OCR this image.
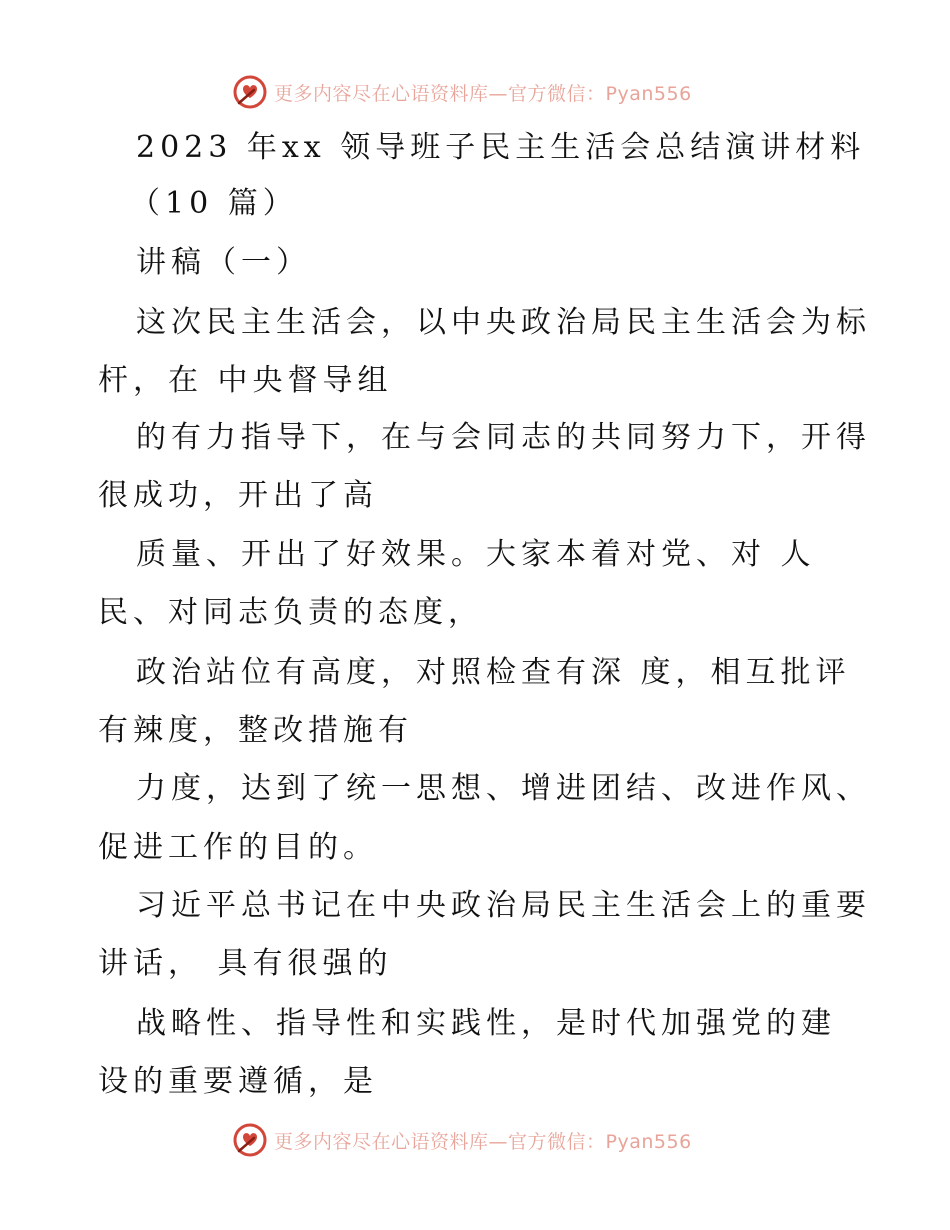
更多内容尽在心语资料库—官方微信：Pyan556
2023 年xx 领导班子民主生活会总结演讲材料
（10 篇）
讲稿（一）
这次民主生活会，以中央政治局民主生活会为标
杆，在 中央督导组
的有力指导下，在与会同志的共同努力下，开得
很成功，开出了高
质量、开出了好效果。大家本着对党、对 人
民、对同志负责的态度，
政治站位有高度，对照检查有深 度，相互批评
有辣度，整改措施有
力度，达到了统一思想、增进团结、改进作风、
促进工作的目的。
习近平总书记在中央政治局民主生活会上的重要
讲话， 具有很强的
战略性、指导性和实践性，是时代加强党的建
设的重要遵循，是
更多内容尽在心语资料库—官方微信：Pyan556
